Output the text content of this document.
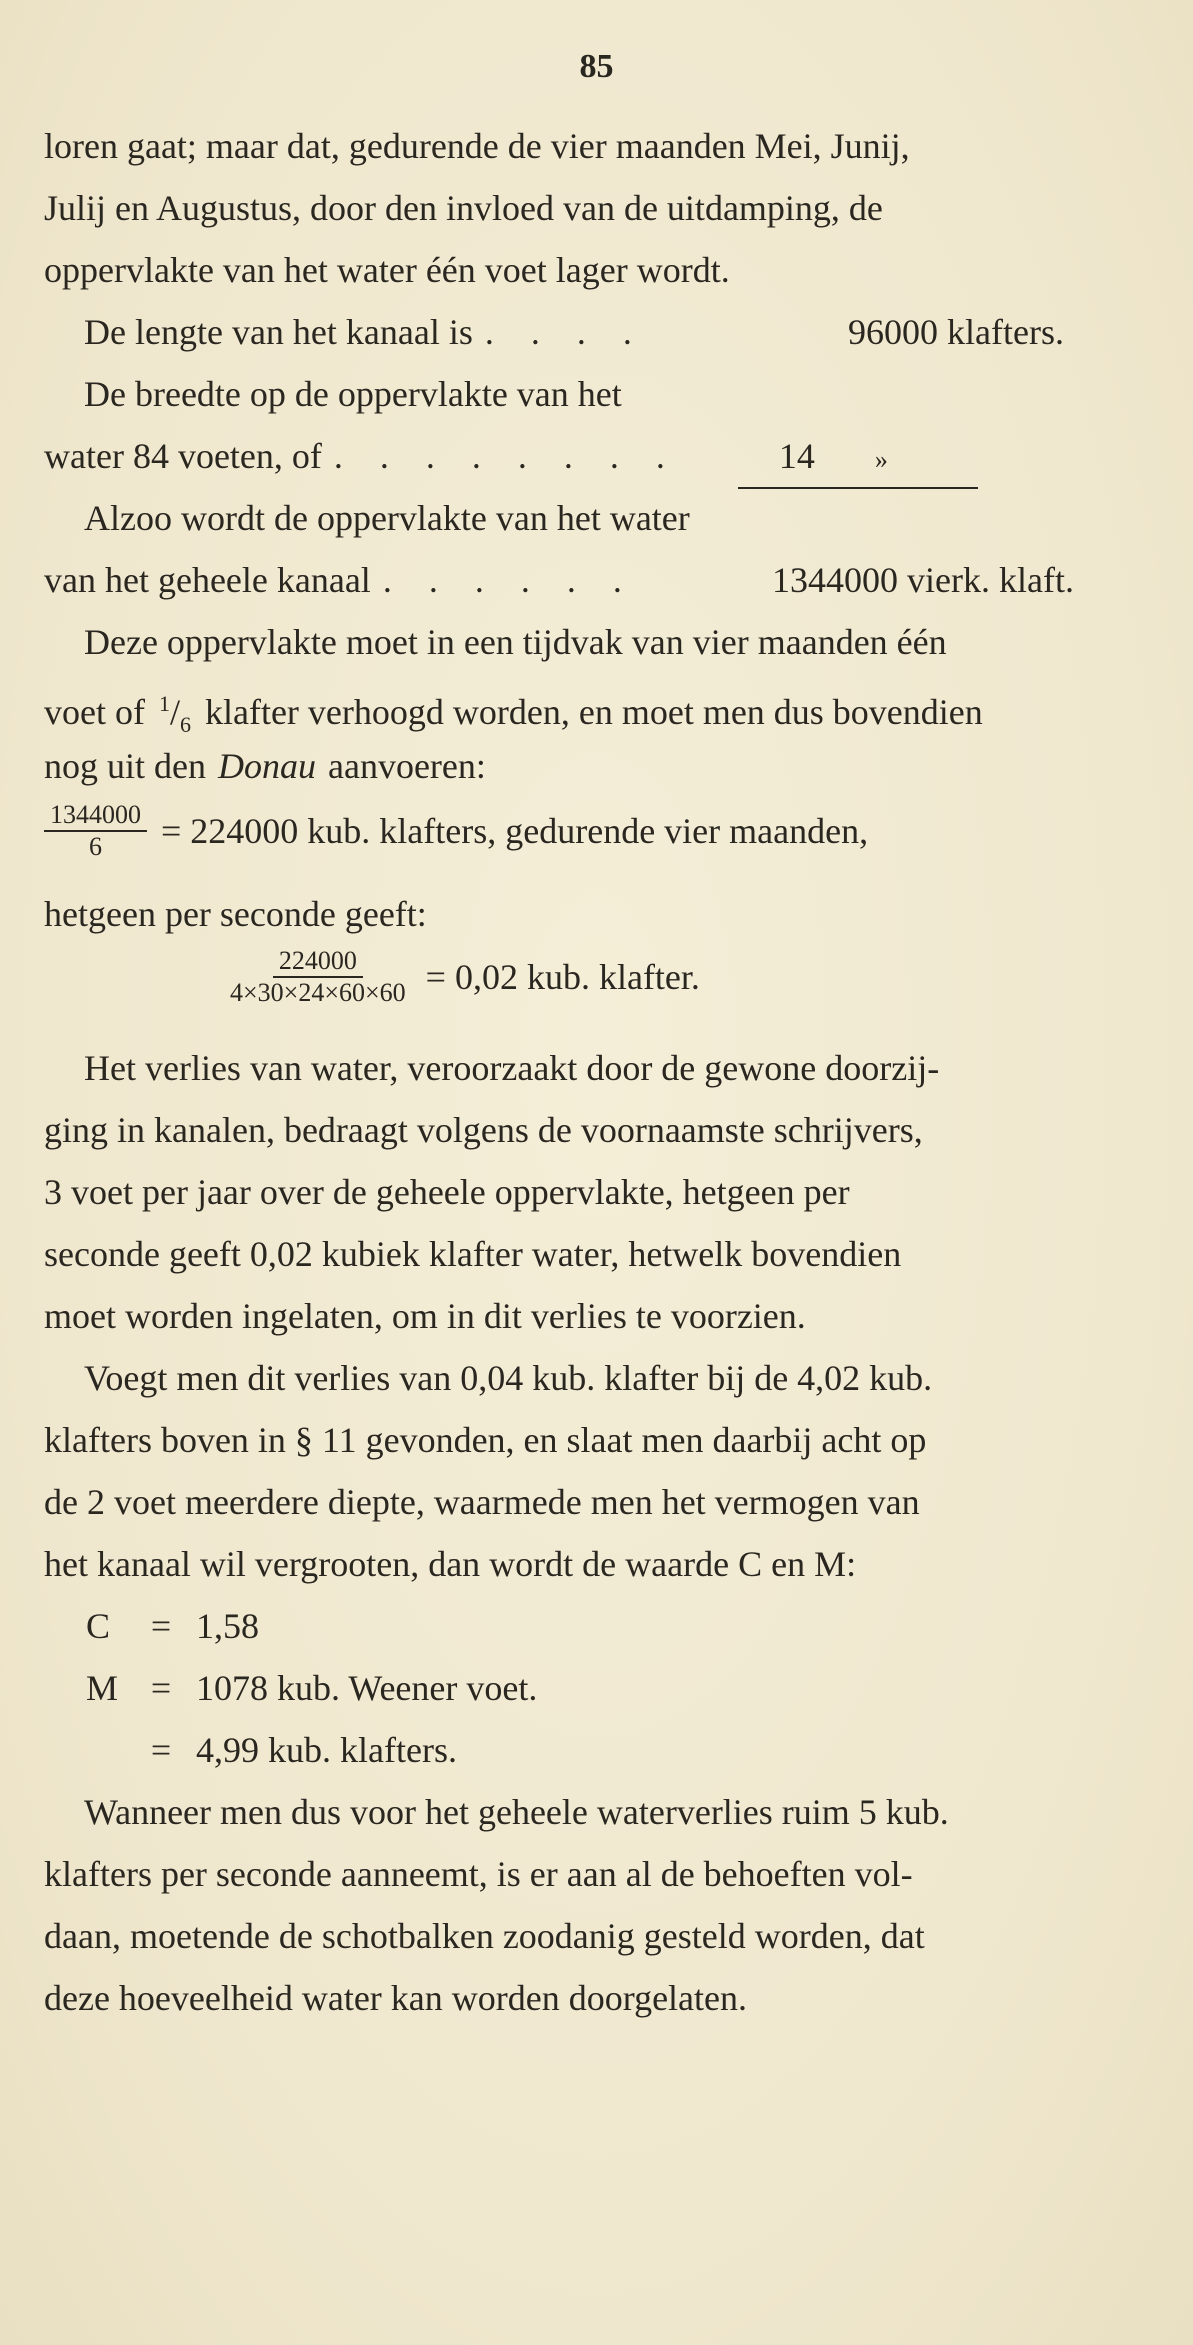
85
loren gaat; maar dat, gedurende de vier maanden Mei, Junij,
Julij en Augustus, door den invloed van de uitdamping, de
oppervlakte van het water één voet lager wordt.
De lengte van het kanaal is . . . .	96000 klafters.
De breedte op de oppervlakte van het
water 84 voeten, of . . . . . . . .	14 »
Alzoo wordt de oppervlakte van het water
van het geheele kanaal . . . . . .	1344000 vierk. klaft.
Deze oppervlakte moet in een tijdvak van vier maanden één
voet of $^1/_6$ klafter verhoogd worden, en moet men dus bovendien
nog uit den Donau aanvoeren:
$\frac{1344000}{6} = 224000$ kub. klafters, gedurende vier maanden,
hetgeen per seconde geeft:
$\frac{224000}{4\times 30\times 24\times 60\times 60} = 0,02$ kub. klafter.
Het verlies van water, veroorzaakt door de gewone doorzij-
ging in kanalen, bedraagt volgens de voornaamste schrijvers,
3 voet per jaar over de geheele oppervlakte, hetgeen per
seconde geeft 0,02 kubiek klafter water, hetwelk bovendien
moet worden ingelaten, om in dit verlies te voorzien.
Voegt men dit verlies van 0,04 kub. klafter bij de 4,02 kub.
klafters boven in § 11 gevonden, en slaat men daarbij acht op
de 2 voet meerdere diepte, waarmede men het vermogen van
het kanaal wil vergrooten, dan wordt de waarde C en M:
C	= 1,58
M = 1078 kub. Weener voet.
= 4,99 kub. klafters.
Wanneer men dus voor het geheele waterverlies ruim 5 kub.
klafters per seconde aanneemt, is er aan al de behoeften vol-
daan, moetende de schotbalken zoodanig gesteld worden, dat
deze hoeveelheid water kan worden doorgelaten.
